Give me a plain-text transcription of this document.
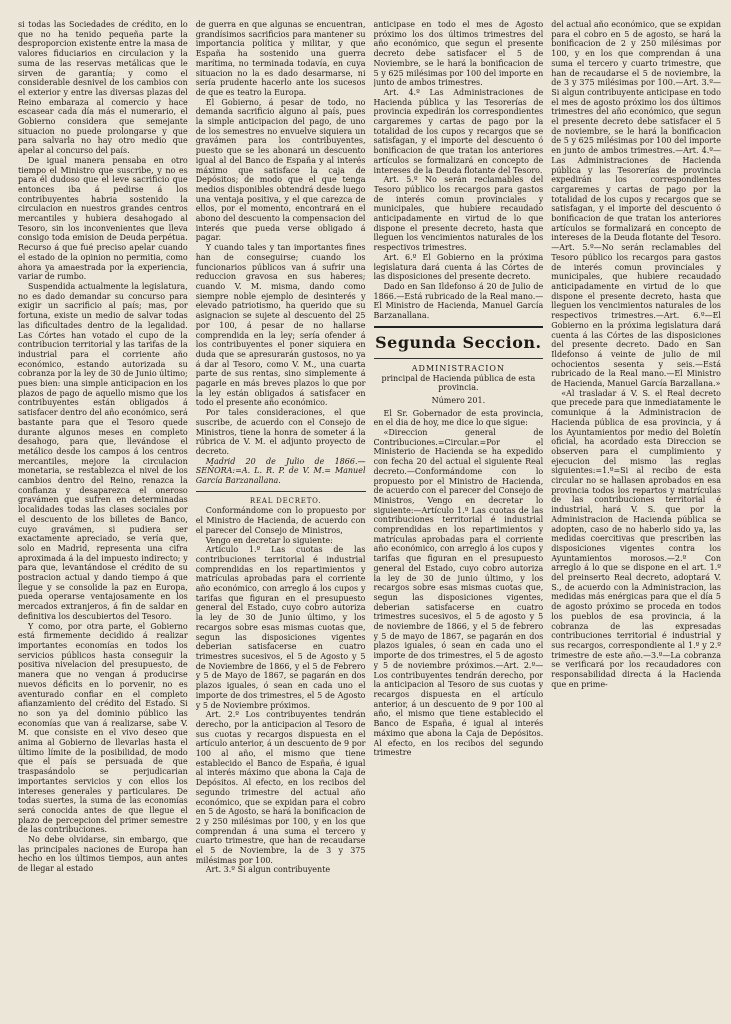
si todas las Sociedades de crédito, en lo que no ha tenido pequeña parte la desproporcion existente entre la masa de valores fiduciarios en circulacion y la suma de las reservas metálicas que le sirven de garantía; y como el considerable desnivel de los cambios con el exterior y entre las diversas plazas del Reino embaraza al comercio y hace escasear cada día más el numerario, el Gobierno considera que semejante situacion no puede prolongarse y que para salvarla no hay otro medio que apelar al concurso del país.

De igual manera pensaba en otro tiempo el Ministro que suscribe, y no es para él dudoso que el leve sacrificio que entonces iba á pedirse á los contribuyentes habria sostenido la circulacion en nuestros grandes centros mercantiles y hubiera desahogado al Tesoro, sin los inconvenientes que lleva consigo toda emision de Deuda perpétua. Recurso á que fué preciso apelar cuando el estado de la opinion no permitia, como ahora ya amaestrada por la experiencia, variar de rumbo.

Suspendida actualmente la legislatura, no es dado demandar su concurso para exigir un sacrificio al país; mas, por fortuna, existe un medio de salvar todas las dificultades dentro de la legalidad. Las Córtes han votado el cupo de la contribucion territorial y las tarifas de la industrial para el corriente año económico, estando autorizada su cobranza por la ley de 30 de Junio último; pues bien: una simple anticipacion en los plazos de pago de aquello mismo que los contribuyentes están obligados á satisfacer dentro del año económico, será bastante para que el Tesoro quede durante algunos meses en completo desahogo, para que, llevándose el metálico desde los campos á los centros mercantiles, mejore la circulacion monetaria, se restablezca el nivel de los cambios dentro del Reino, renazca la confianza y desaparezca el oneroso gravámen que sufren en determinadas localidades todas las clases sociales por el descuento de los billetes de Banco, cuyo gravámen, si pudiera ser exactamente apreciado, se vería que, solo en Madrid, representa una cifra aproximada á la del impuesto indirecto; y para que, levantándose el crédito de su postracion actual y dando tiempo á que llegue y se consolide la paz en Europa, pueda operarse ventajosamente en los mercados extranjeros, á fin de saldar en definitiva los descubiertos del Tesoro.

Y como, por otra parte, el Gobierno está firmemente decidido á realizar importantes economías en todos los servicios públicos hasta conseguir la positiva nivelacion del presupuesto, de manera que no vengan á producirse nuevos déficits en lo porvenir, no es aventurado confiar en el completo afianzamiento del crédito del Estado. Si no son ya del dominio público las economías que van á realizarse, sabe V. M. que consiste en el vivo deseo que anima al Gobierno de llevarlas hasta el último límite de la posibilidad, de modo que el país se persuada de que traspasándolo se perjudicarian importantes servicios y con ellos los intereses generales y particulares. De todas suertes, la suma de las economías será conocida antes de que llegue el plazo de percepcion del primer semestre de las contribuciones.

No debe olvidarse, sin embargo, que las principales naciones de Europa han hecho en los últimos tiempos, aun antes de llegar al estado

de guerra en que algunas se encuentran, grandísimos sacrificios para mantener su importancia política y militar, y que España ha sostenido una guerra marítima, no terminada todavía, en cuya situacion no la es dado desarmarse, ni sería prudente hacerlo ante los sucesos de que es teatro la Europa.

El Gobierno, á pesar de todo, no demanda sacrificio alguno al país, pues la simple anticipacion del pago, de uno de los semestres no envuelve siquiera un gravámen para los contribuyentes, puesto que se les abonará un descuento igual al del Banco de España y al interés máximo que satisface la caja de Depósitos; de modo que el que tenga medios disponibles obtendrá desde luego una ventaja positiva, y el que carezca de ellos, por el momento, encontrará en el abono del descuento la compensacion del interés que pueda verse obligado á pagar.

Y cuando tales y tan importantes fines han de conseguirse; cuando los funcionarios públicos van á sufrir una reduccion gravosa en sus haberes; cuando V. M. misma, dando como siempre noble ejemplo de desinterés y elevado patriotismo, ha querido que su asignacion se sujete al descuento del 25 por 100, á pesar de no hallarse comprendida en la ley; sería ofender á los contribuyentes el poner siquiera en duda que se apresurarán gustosos, no ya á dar al Tesoro, como V. M., una cuarta parte de sus rentas, sino simplemente á pagarle en más breves plazos lo que por la ley están obligados á satisfacer en todo el presente año económico.

Por tales consideraciones, el que suscribe, de acuerdo con el Consejo de Ministros, tiene la honra de someter á la rúbrica de V. M. el adjunto proyecto de decreto.

Madrid 20 de Julio de 1866.— SEÑORA:=A. L. R. P. de V. M.= Manuel García Barzanallana.

REAL DECRETO.

Conformándome con lo propuesto por el Ministro de Hacienda, de acuerdo con el parecer del Consejo de Ministros,

Vengo en decretar lo siguiente:

Artículo 1.º Las cuotas de las contribuciones territorial é industrial comprendidas en los repartimientos y matrículas aprobadas para el corriente año económico, con arreglo á los cupos y tarifas que figuran en el presupuesto general del Estado, cuyo cobro autoriza la ley de 30 de Junio último, y los recargos sobre esas mismas cuotas que, segun las disposiciones vigentes deberian satisfacerse en cuatro trimestres sucesivos, el 5 de Agosto y 5 de Noviembre de 1866, y el 5 de Febrero y 5 de Mayo de 1867, se pagarán en dos plazos iguales, ó sean en cada uno el importe de dos trimestres, el 5 de Agosto y 5 de Noviembre próximos.

Art. 2.º Los contribuyentes tendrán derecho, por la anticipacion al Tesoro de sus cuotas y recargos dispuesta en el artículo anterior, á un descuento de 9 por 100 al año, el mismo que tiene establecido el Banco de España, é igual al interés máximo que abona la Caja de Depósitos. Al efecto, en los recibos del segundo trimestre del actual año económico, que se expidan para el cobro en 5 de Agosto, se hará la bonificacion de 2 y 250 milésimas por 100, y en los que comprendan á una suma el tercero y cuarto trimestre, que han de recaudarse el 5 de Noviembre, la de 3 y 375 milésimas por 100.

Art. 3.º Si algun contribuyente

anticipase en todo el mes de Agosto próximo los dos últimos trimestres del año económico, que segun el presente decreto debe satisfacer el 5 de Noviembre, se le hará la bonificacion de 5 y 625 milésimas por 100 del importe en junto de ambos trimestres.

Art. 4.º Las Administraciones de Hacienda pública y las Tesorerías de provincia expedirán los correspondientes cargaremes y cartas de pago por la totalidad de los cupos y recargos que se satisfagan, y el importe del descuento ó bonificacion de que tratan los anteriores artículos se formalizará en concepto de intereses de la Deuda flotante del Tesoro.

Art. 5.º No serán reclamables del Tesoro público los recargos para gastos de interés comun provinciales y municipales, que hubiere recaudado anticipadamente en virtud de lo que dispone el presente decreto, hasta que lleguen los vencimientos naturales de los respectivos trimestres.

Art. 6.º El Gobierno en la próxima legislatura dará cuenta á las Córtes de las disposiciones del presente decreto.

Dado en San Ildefonso á 20 de Julio de 1866.—Está rubricado de la Real mano.—El Ministro de Hacienda, Manuel García Barzanallana.

Segunda Seccion.

ADMINISTRACION

principal de Hacienda pública de esta provincia.

Número 201.

El Sr. Gobernador de esta provincia, en el dia de hoy, me dice lo que sigue:

«Direccion general de Contribuciones.=Circular.=Por el Ministerio de Hacienda se ha expedido con fecha 20 del actual el siguiente Real decreto.—Conformándome con lo propuesto por el Ministro de Hacienda, de acuerdo con el parecer del Consejo de Ministros, Vengo en decretar lo siguiente:—Artículo 1.º Las cuotas de las contribuciones territorial é industrial comprendidas en los repartimientos y matrículas aprobadas para el corriente año económico, con arreglo á los cupos y tarifas que figuran en el presupuesto general del Estado, cuyo cobro autoriza la ley de 30 de junio último, y los recargos sobre esas mismas cuotas que, segun las disposiciones vigentes, deberian satisfacerse en cuatro trimestres sucesivos, el 5 de agosto y 5 de noviembre de 1866, y el 5 de febrero y 5 de mayo de 1867, se pagarán en dos plazos iguales, ó sean en cada uno el importe de dos trimestres, el 5 de agosto y 5 de noviembre próximos.—Art. 2.º—Los contribuyentes tendrán derecho, por la anticipacion al Tesoro de sus cuotas y recargos dispuesta en el artículo anterior, á un descuento de 9 por 100 al año, el mismo que tiene establecido el Banco de España, é igual al interés máximo que abona la Caja de Depósitos. Al efecto, en los recibos del segundo trimestre

del actual año económico, que se expidan para el cobro en 5 de agosto, se hará la bonificacion de 2 y 250 milésimas por 100, y en los que comprendan á una suma el tercero y cuarto trimestre, que han de recaudarse el 5 de noviembre, la de 3 y 375 milésimas por 100.—Art. 3.º—Si algun contribuyente anticipase en todo el mes de agosto próximo los dos últimos trimestres del año económico, que segun el presente decreto debe satisfacer el 5 de noviembre, se le hará la bonificacion de 5 y 625 milésimas por 100 del importe en junto de ambos trimestres.—Art. 4.º—Las Administraciones de Hacienda pública y las Tesorerías de provincia expedirán los correspondientes cargaremes y cartas de pago por la totalidad de los cupos y recargos que se satisfagan, y el importe del descuento ó bonificacion de que tratan los anteriores artículos se formalizará en concepto de intereses de la Deuda flotante del Tesoro.—Art. 5.º—No serán reclamables del Tesoro público los recargos para gastos de interés comun provinciales y municipales, que hubiere recaudado anticipadamente en virtud de lo que dispone el presente decreto, hasta que lleguen los vencimientos naturales de los respectivos trimestres.—Art. 6.º—El Gobierno en la próxima legislatura dará cuenta á las Córtes de las disposiciones del presente decreto. Dado en San Ildefonso á veinte de julio de mil ochocientos sesenta y seis.—Está rubricado de la Real mano.—El Ministro de Hacienda, Manuel García Barzallana.»

«Al trasladar á V. S. el Real decreto que precede para que inmediatamente le comunique á la Administracion de Hacienda pública de esa provincia, y á los Ayuntamientos por medio del Boletín oficial, ha acordado esta Direccion se observen para el cumplimiento y ejecucion del mismo las reglas siguientes:=1.º=Si al recibo de esta circular no se hallasen aprobados en esa provincia todos los repartos y matrículas de las contribuciones territorial é industrial, hará V. S. que por la Administracion de Hacienda pública se adopten, caso de no haberlo sido ya, las medidas coercitivas que prescriben las disposiciones vigentes contra los Ayuntamientos morosos.—2.º Con arreglo á lo que se dispone en el art. 1.º del preinserto Real decreto, adoptará V. S., de acuerdo con la Administracion, las medidas más enérgicas para que el día 5 de agosto próximo se proceda en todos los pueblos de esa provincia, á la cobranza de las expresadas contribuciones territorial é industrial y sus recargos, correspondiente al 1.º y 2.º trimestre de este año.—3.º—La cobranza se verificará por los recaudadores con responsabilidad directa á la Hacienda que en prime-
